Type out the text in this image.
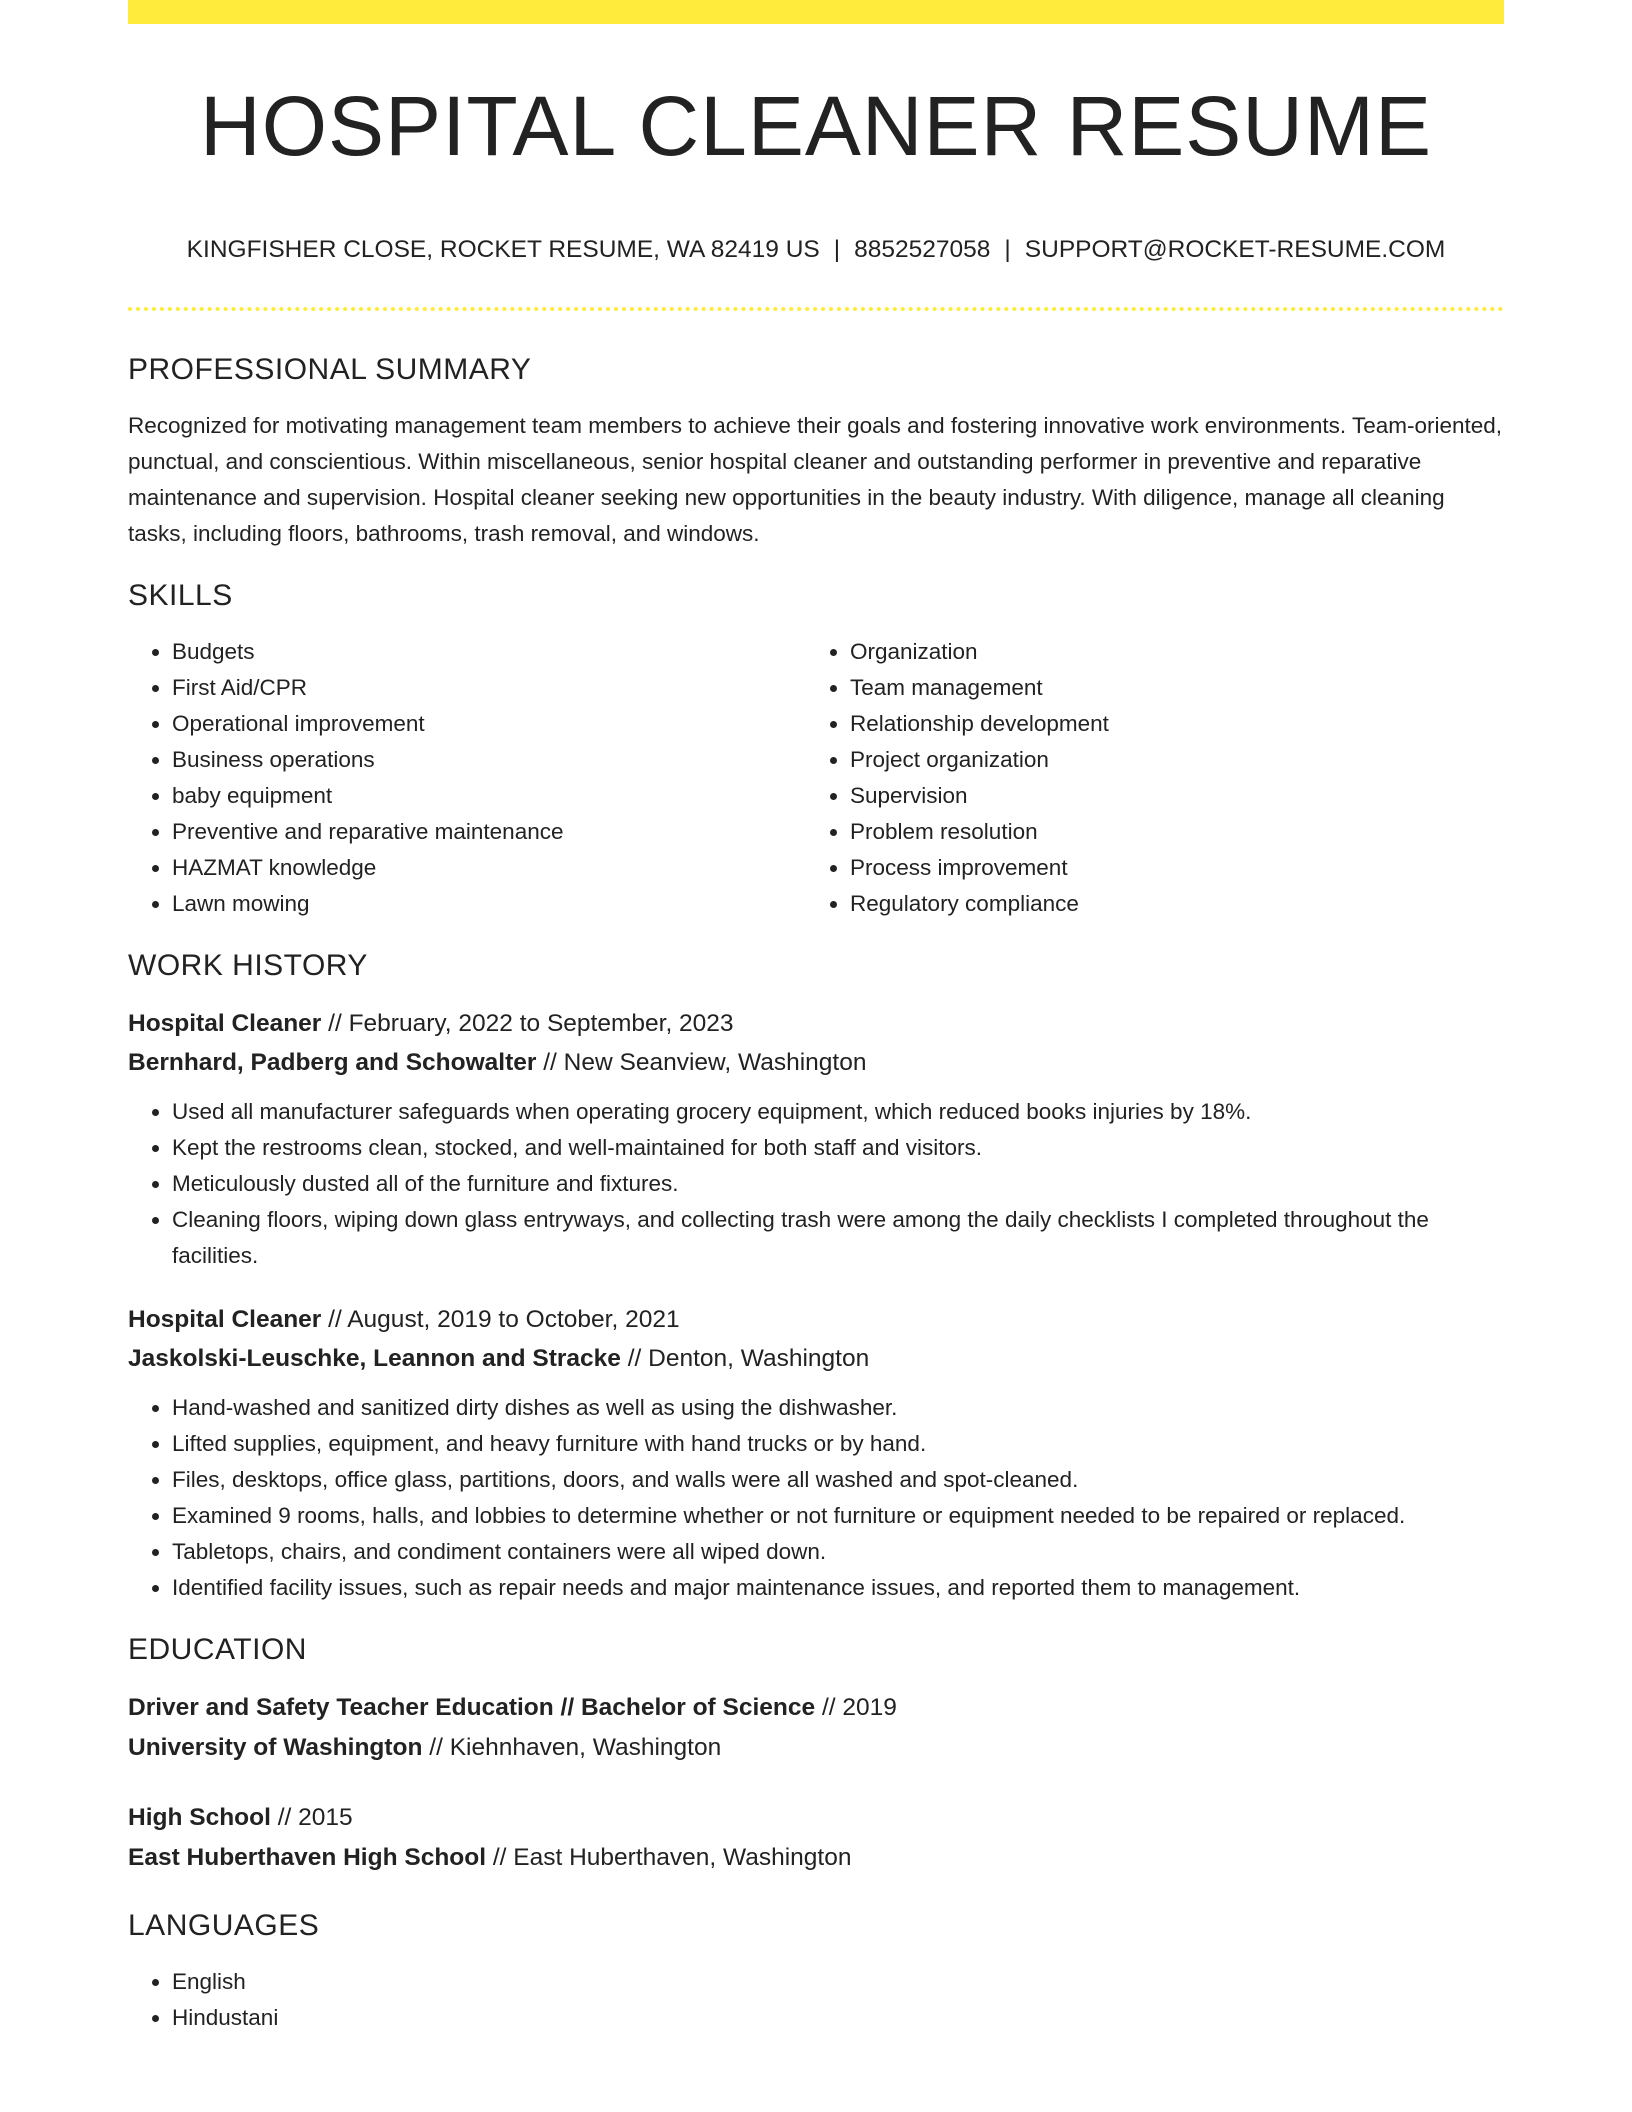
HOSPITAL CLEANER RESUME
KINGFISHER CLOSE, ROCKET RESUME, WA 82419 US | 8852527058 | SUPPORT@ROCKET-RESUME.COM
PROFESSIONAL SUMMARY

Recognized for motivating management team members to achieve their goals and fostering innovative work environments. Team-oriented, punctual, and conscientious. Within miscellaneous, senior hospital cleaner and outstanding performer in preventive and reparative maintenance and supervision. Hospital cleaner seeking new opportunities in the beauty industry. With diligence, manage all cleaning tasks, including floors, bathrooms, trash removal, and windows.

SKILLS
• Budgets
• First Aid/CPR
• Operational improvement
• Business operations
• baby equipment
• Preventive and reparative maintenance
• HAZMAT knowledge
• Lawn mowing
• Organization
• Team management
• Relationship development
• Project organization
• Supervision
• Problem resolution
• Process improvement
• Regulatory compliance
WORK HISTORY
Hospital Cleaner // February, 2022 to September, 2023
Bernhard, Padberg and Schowalter // New Seanview, Washington
• Used all manufacturer safeguards when operating grocery equipment, which reduced books injuries by 18%.
• Kept the restrooms clean, stocked, and well-maintained for both staff and visitors.
• Meticulously dusted all of the furniture and fixtures.
• Cleaning floors, wiping down glass entryways, and collecting trash were among the daily checklists I completed throughout the facilities.
Hospital Cleaner // August, 2019 to October, 2021
Jaskolski-Leuschke, Leannon and Stracke // Denton, Washington
• Hand-washed and sanitized dirty dishes as well as using the dishwasher.
• Lifted supplies, equipment, and heavy furniture with hand trucks or by hand.
• Files, desktops, office glass, partitions, doors, and walls were all washed and spot-cleaned.
• Examined 9 rooms, halls, and lobbies to determine whether or not furniture or equipment needed to be repaired or replaced.
• Tabletops, chairs, and condiment containers were all wiped down.
• Identified facility issues, such as repair needs and major maintenance issues, and reported them to management.
EDUCATION
Driver and Safety Teacher Education // Bachelor of Science // 2019
University of Washington // Kiehnhaven, Washington
High School // 2015
East Huberthaven High School // East Huberthaven, Washington
LANGUAGES
• English
• Hindustani
